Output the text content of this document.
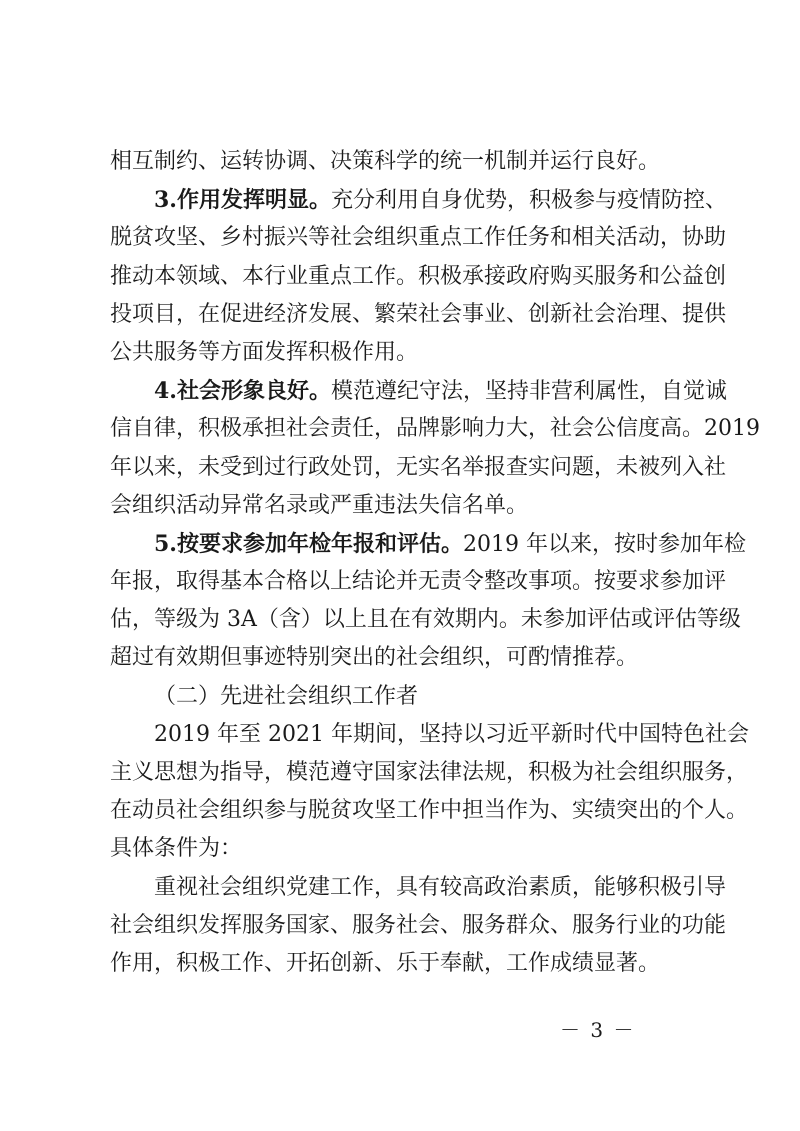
相互制约、运转协调、决策科学的统一机制并运行良好。
3.作用发挥明显。充分利用自身优势，积极参与疫情防控、
脱贫攻坚、乡村振兴等社会组织重点工作任务和相关活动，协助
推动本领域、本行业重点工作。积极承接政府购买服务和公益创
投项目，在促进经济发展、繁荣社会事业、创新社会治理、提供
公共服务等方面发挥积极作用。
4.社会形象良好。模范遵纪守法，坚持非营利属性，自觉诚
信自律，积极承担社会责任，品牌影响力大，社会公信度高。2019
年以来，未受到过行政处罚，无实名举报查实问题，未被列入社
会组织活动异常名录或严重违法失信名单。
5.按要求参加年检年报和评估。2019 年以来，按时参加年检
年报，取得基本合格以上结论并无责令整改事项。按要求参加评
估，等级为 3A（含）以上且在有效期内。未参加评估或评估等级
超过有效期但事迹特别突出的社会组织，可酌情推荐。
（二）先进社会组织工作者
2019 年至 2021 年期间，坚持以习近平新时代中国特色社会
主义思想为指导，模范遵守国家法律法规，积极为社会组织服务，
在动员社会组织参与脱贫攻坚工作中担当作为、实绩突出的个人。
具体条件为：
重视社会组织党建工作，具有较高政治素质，能够积极引导
社会组织发挥服务国家、服务社会、服务群众、服务行业的功能
作用，积极工作、开拓创新、乐于奉献，工作成绩显著。
－ 3 －
